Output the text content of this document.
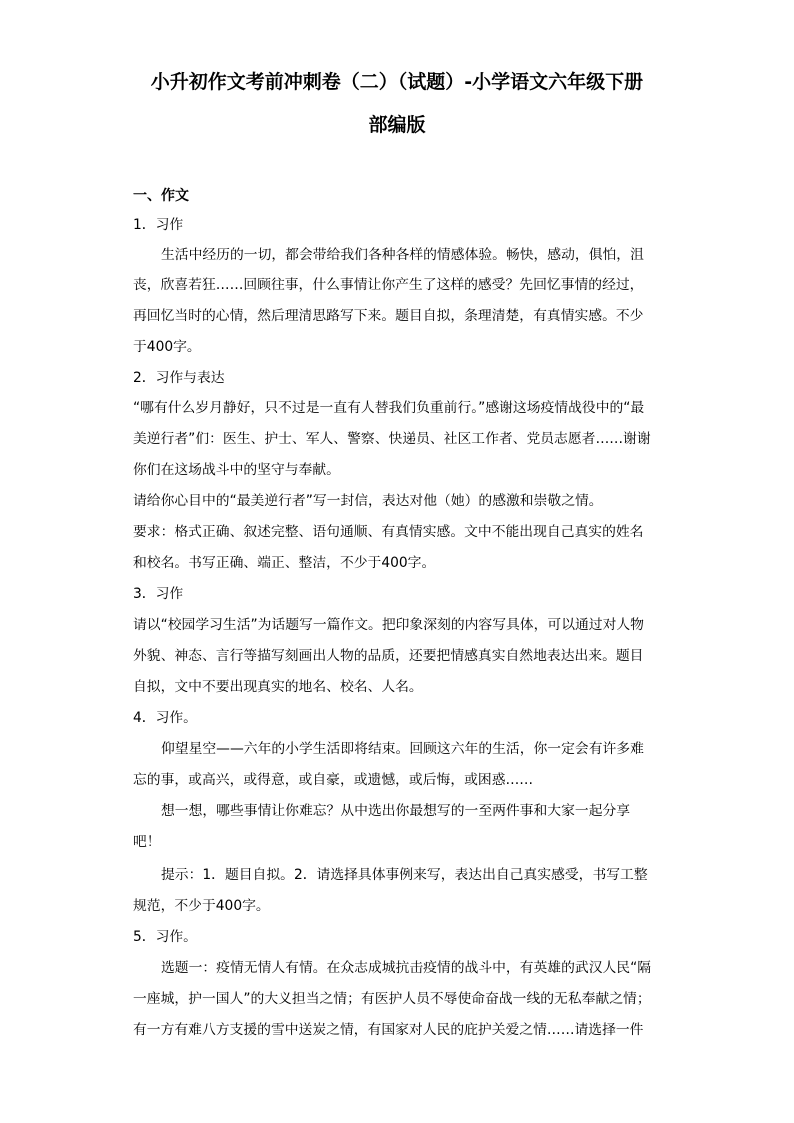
小升初作文考前冲刺卷（二）（试题）-小学语文六年级下册
部编版
一、作文
1．习作
生活中经历的一切，都会带给我们各种各样的情感体验。畅快，感动，俱怕，沮
丧，欣喜若狂……回顾往事，什么事情让你产生了这样的感受？先回忆事情的经过，
再回忆当时的心情，然后理清思路写下来。题目自拟，条理清楚，有真情实感。不少
于400字。
2．习作与表达
“哪有什么岁月静好，只不过是一直有人替我们负重前行。”感谢这场疫情战役中的“最
美逆行者”们：医生、护士、军人、警察、快递员、社区工作者、党员志愿者……谢谢
你们在这场战斗中的坚守与奉献。
请给你心目中的“最美逆行者”写一封信，表达对他（她）的感激和崇敬之情。
要求：格式正确、叙述完整、语句通顺、有真情实感。文中不能出现自己真实的姓名
和校名。书写正确、端正、整洁，不少于400字。
3．习作
请以“校园学习生活”为话题写一篇作文。把印象深刻的内容写具体，可以通过对人物
外貌、神态、言行等描写刻画出人物的品质，还要把情感真实自然地表达出来。题目
自拟，文中不要出现真实的地名、校名、人名。
4．习作。
仰望星空——六年的小学生活即将结束。回顾这六年的生活，你一定会有许多难
忘的事，或高兴，或得意，或自豪，或遗憾，或后悔，或困惑……
想一想，哪些事情让你难忘？从中选出你最想写的一至两件事和大家一起分享
吧！
提示：1．题目自拟。2．请选择具体事例来写，表达出自己真实感受，书写工整
规范，不少于400字。
5．习作。
选题一：疫情无情人有情。在众志成城抗击疫情的战斗中，有英雄的武汉人民“隔
一座城，护一国人”的大义担当之情；有医护人员不辱使命奋战一线的无私奉献之情；
有一方有难八方支援的雪中送炭之情，有国家对人民的庇护关爱之情……请选择一件
